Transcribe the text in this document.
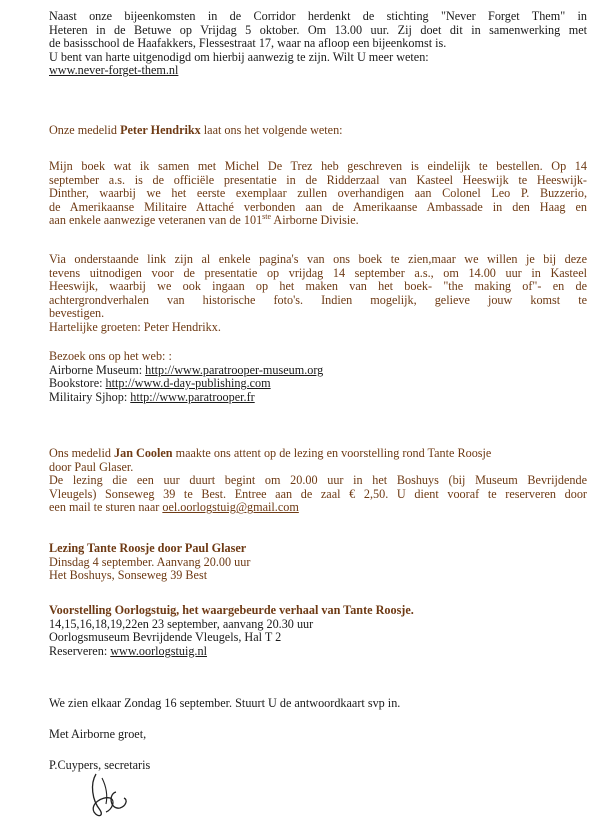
Naast onze bijeenkomsten in de Corridor herdenkt de stichting "Never Forget Them" in
Heteren in de Betuwe op Vrijdag 5 oktober. Om 13.00 uur. Zij doet dit in samenwerking met
de basisschool de Haafakkers, Flessestraat 17, waar na afloop een bijeenkomst is.
U bent van harte uitgenodigd om hierbij aanwezig te zijn. Wilt U meer weten:
www.never-forget-them.nl
Onze medelid Peter Hendrikx laat ons het volgende weten:
Mijn boek wat ik samen met Michel De Trez heb geschreven is eindelijk te bestellen. Op 14
september a.s. is de officiële presentatie in de Ridderzaal van Kasteel Heeswijk te Heeswijk-
Dinther, waarbij we het eerste exemplaar zullen overhandigen aan Colonel Leo P. Buzzerio,
de Amerikaanse Militaire Attaché verbonden aan de Amerikaanse Ambassade in den Haag en
aan enkele aanwezige veteranen van de 101ste Airborne Divisie.
Via onderstaande link zijn al enkele pagina's van ons boek te zien,maar we willen je bij deze
tevens uitnodigen voor de presentatie op vrijdag 14 september a.s., om 14.00 uur in Kasteel
Heeswijk, waarbij we ook ingaan op het maken van het boek- "the making of"- en de
achtergrondverhalen van historische foto's. Indien mogelijk, gelieve jouw komst te
bevestigen.
Hartelijke groeten: Peter Hendrikx.
Bezoek ons op het web: :
Airborne Museum: http://www.paratrooper-museum.org
Bookstore: http://www.d-day-publishing.com
Militairy Sjhop: http://www.paratrooper.fr
Ons medelid Jan Coolen maakte ons attent op de lezing en voorstelling rond Tante Roosje
door Paul Glaser.
De lezing die een uur duurt begint om 20.00 uur in het Boshuys (bij Museum Bevrijdende
Vleugels) Sonseweg 39 te Best. Entree aan de zaal € 2,50. U dient vooraf te reserveren door
een mail te sturen naar oel.oorlogstuig@gmail.com
Lezing Tante Roosje door Paul Glaser
Dinsdag 4 september. Aanvang 20.00 uur
Het Boshuys, Sonseweg 39 Best
Voorstelling Oorlogstuig, het waargebeurde verhaal van Tante Roosje.
14,15,16,18,19,22en 23 september, aanvang 20.30 uur
Oorlogsmuseum Bevrijdende Vleugels, Hal T 2
Reserveren: www.oorlogstuig.nl
We zien elkaar Zondag 16 september. Stuurt U de antwoordkaart svp in.
Met Airborne groet,
P.Cuypers, secretaris
